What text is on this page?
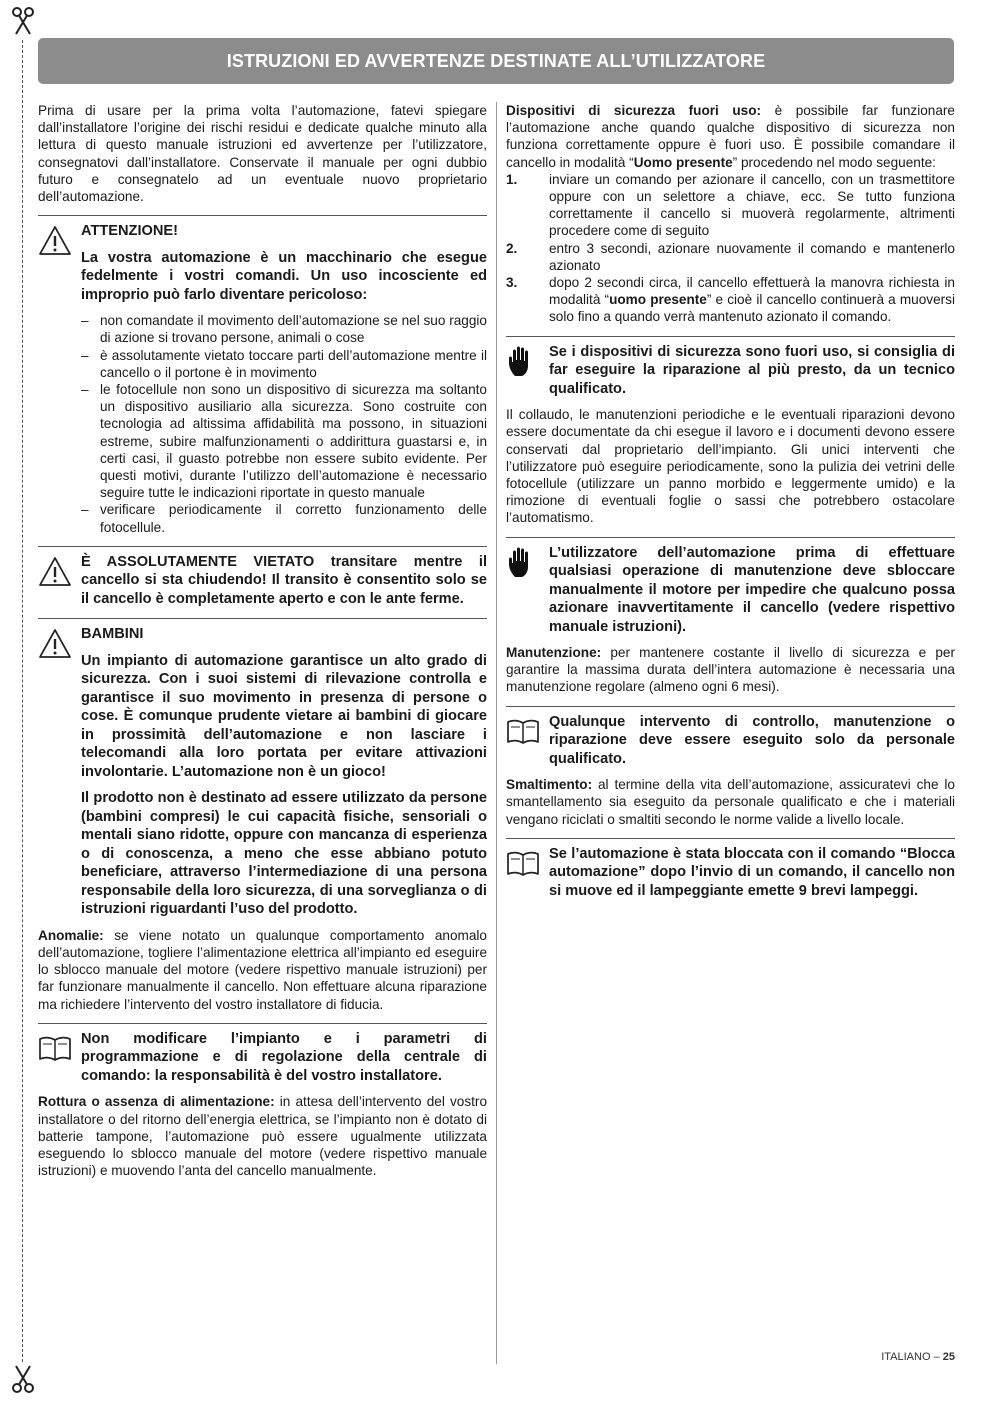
ISTRUZIONI ED AVVERTENZE DESTINATE ALL’UTILIZZATORE

Prima di usare per la prima volta l’automazione, fatevi spiegare dall’installatore l’origine dei rischi residui e dedicate qualche minuto alla lettura di questo manuale istruzioni ed avvertenze per l’utilizzatore, consegnatovi dall’installatore. Conservate il manuale per ogni dubbio futuro e consegnatelo ad un eventuale nuovo proprietario dell’automazione.

ATTENZIONE!

La vostra automazione è un macchinario che esegue fedelmente i vostri comandi. Un uso incosciente ed improprio può farlo diventare pericoloso:

– non comandate il movimento dell’automazione se nel suo raggio di azione si trovano persone, animali o cose
– è assolutamente vietato toccare parti dell’automazione mentre il cancello o il portone è in movimento
– le fotocellule non sono un dispositivo di sicurezza ma soltanto un dispositivo ausiliario alla sicurezza. Sono costruite con tecnologia ad altissima affidabilità ma possono, in situazioni estreme, subire malfunzionamenti o addirittura guastarsi e, in certi casi, il guasto potrebbe non essere subito evidente. Per questi motivi, durante l’utilizzo dell’automazione è necessario seguire tutte le indicazioni riportate in questo manuale
– verificare periodicamente il corretto funzionamento delle fotocellule.

È ASSOLUTAMENTE VIETATO transitare mentre il cancello si sta chiudendo! Il transito è consentito solo se il cancello è completamente aperto e con le ante ferme.

BAMBINI

Un impianto di automazione garantisce un alto grado di sicurezza. Con i suoi sistemi di rilevazione controlla e garantisce il suo movimento in presenza di persone o cose. È comunque prudente vietare ai bambini di giocare in prossimità dell’automazione e non lasciare i telecomandi alla loro portata per evitare attivazioni involontarie. L’automazione non è un gioco!

Il prodotto non è destinato ad essere utilizzato da persone (bambini compresi) le cui capacità fisiche, sensoriali o mentali siano ridotte, oppure con mancanza di esperienza o di conoscenza, a meno che esse abbiano potuto beneficiare, attraverso l’intermediazione di una persona responsabile della loro sicurezza, di una sorveglianza o di istruzioni riguardanti l’uso del prodotto.

Anomalie: se viene notato un qualunque comportamento anomalo dell’automazione, togliere l’alimentazione elettrica all’impianto ed eseguire lo sblocco manuale del motore (vedere rispettivo manuale istruzioni) per far funzionare manualmente il cancello. Non effettuare alcuna riparazione ma richiedere l’intervento del vostro installatore di fiducia.

Non modificare l’impianto e i parametri di programmazione e di regolazione della centrale di comando: la responsabilità è del vostro installatore.

Rottura o assenza di alimentazione: in attesa dell’intervento del vostro installatore o del ritorno dell’energia elettrica, se l’impianto non è dotato di batterie tampone, l’automazione può essere ugualmente utilizzata eseguendo lo sblocco manuale del motore (vedere rispettivo manuale istruzioni) e muovendo l’anta del cancello manualmente.

Dispositivi di sicurezza fuori uso: è possibile far funzionare l’automazione anche quando qualche dispositivo di sicurezza non funziona correttamente oppure è fuori uso. È possibile comandare il cancello in modalità “Uomo presente” procedendo nel modo seguente:

1. inviare un comando per azionare il cancello, con un trasmettitore oppure con un selettore a chiave, ecc. Se tutto funziona correttamente il cancello si muoverà regolarmente, altrimenti procedere come di seguito
2. entro 3 secondi, azionare nuovamente il comando e mantenerlo azionato
3. dopo 2 secondi circa, il cancello effettuerà la manovra richiesta in modalità “uomo presente” e cioè il cancello continuerà a muoversi solo fino a quando verrà mantenuto azionato il comando.

Se i dispositivi di sicurezza sono fuori uso, si consiglia di far eseguire la riparazione al più presto, da un tecnico qualificato.

Il collaudo, le manutenzioni periodiche e le eventuali riparazioni devono essere documentate da chi esegue il lavoro e i documenti devono essere conservati dal proprietario dell’impianto. Gli unici interventi che l’utilizzatore può eseguire periodicamente, sono la pulizia dei vetrini delle fotocellule (utilizzare un panno morbido e leggermente umido) e la rimozione di eventuali foglie o sassi che potrebbero ostacolare l’automatismo.

L’utilizzatore dell’automazione prima di effettuare qualsiasi operazione di manutenzione deve sbloccare manualmente il motore per impedire che qualcuno possa azionare inavvertitamente il cancello (vedere rispettivo manuale istruzioni).

Manutenzione: per mantenere costante il livello di sicurezza e per garantire la massima durata dell’intera automazione è necessaria una manutenzione regolare (almeno ogni 6 mesi).

Qualunque intervento di controllo, manutenzione o riparazione deve essere eseguito solo da personale qualificato.

Smaltimento: al termine della vita dell’automazione, assicuratevi che lo smantellamento sia eseguito da personale qualificato e che i materiali vengano riciclati o smaltiti secondo le norme valide a livello locale.

Se l’automazione è stata bloccata con il comando “Blocca automazione” dopo l’invio di un comando, il cancello non si muove ed il lampeggiante emette 9 brevi lampeggi.

ITALIANO – 25
